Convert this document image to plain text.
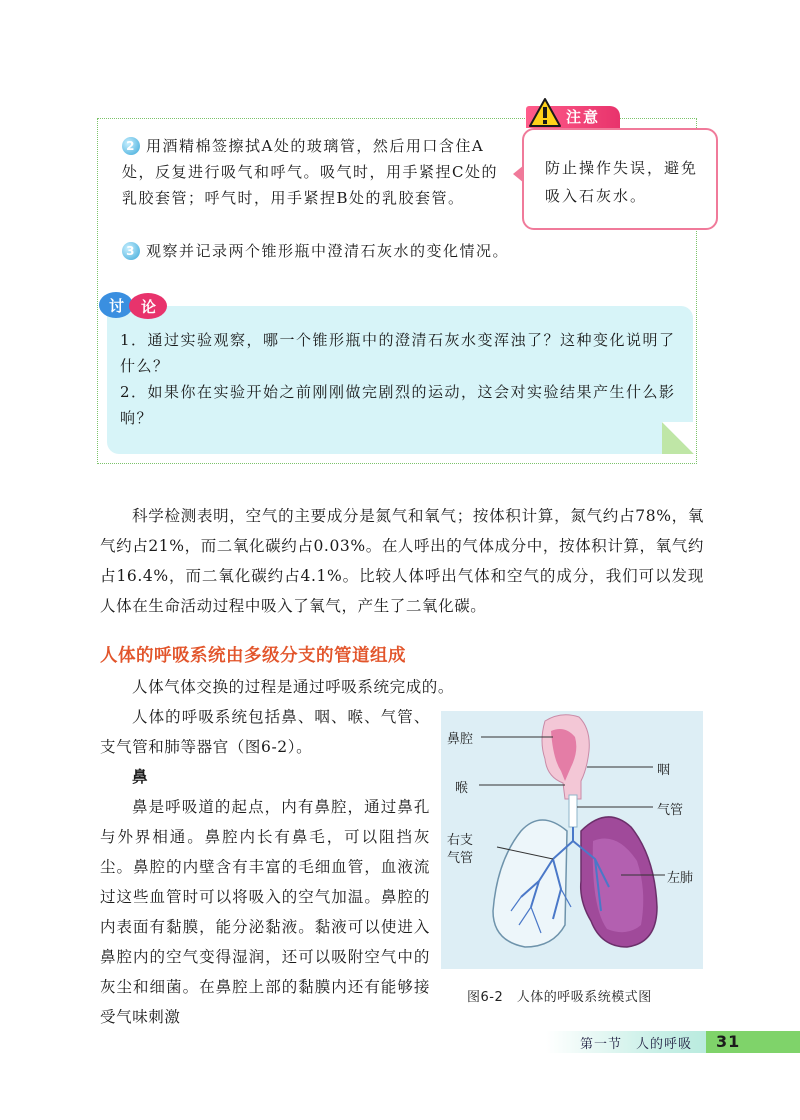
2 用酒精棉签擦拭A处的玻璃管，然后用口含住A处，反复进行吸气和呼气。吸气时，用手紧捏C处的乳胶套管；呼气时，用手紧捏B处的乳胶套管。
3 观察并记录两个锥形瓶中澄清石灰水的变化情况。
注意
防止操作失误，避免吸入石灰水。
讨 论
1．通过实验观察，哪一个锥形瓶中的澄清石灰水变浑浊了？这种变化说明了什么？
2．如果你在实验开始之前刚刚做完剧烈的运动，这会对实验结果产生什么影响？
科学检测表明，空气的主要成分是氮气和氧气；按体积计算，氮气约占78%，氧气约占21%，而二氧化碳约占0.03%。在人呼出的气体成分中，按体积计算，氧气约占16.4%，而二氧化碳约占4.1%。比较人体呼出气体和空气的成分，我们可以发现人体在生命活动过程中吸入了氧气，产生了二氧化碳。
人体的呼吸系统由多级分支的管道组成
人体气体交换的过程是通过呼吸系统完成的。
人体的呼吸系统包括鼻、咽、喉、气管、支气管和肺等器官（图6-2）。
鼻
鼻是呼吸道的起点，内有鼻腔，通过鼻孔与外界相通。鼻腔内长有鼻毛，可以阻挡灰尘。鼻腔的内壁含有丰富的毛细血管，血液流过这些血管时可以将吸入的空气加温。鼻腔的内表面有黏膜，能分泌黏液。黏液可以使进入鼻腔内的空气变得湿润，还可以吸附空气中的灰尘和细菌。在鼻腔上部的黏膜内还有能够接受气味刺激
鼻腔
咽
喉
气管
右支
气管
左肺
图6-2　人体的呼吸系统模式图
第一节　人的呼吸	31
